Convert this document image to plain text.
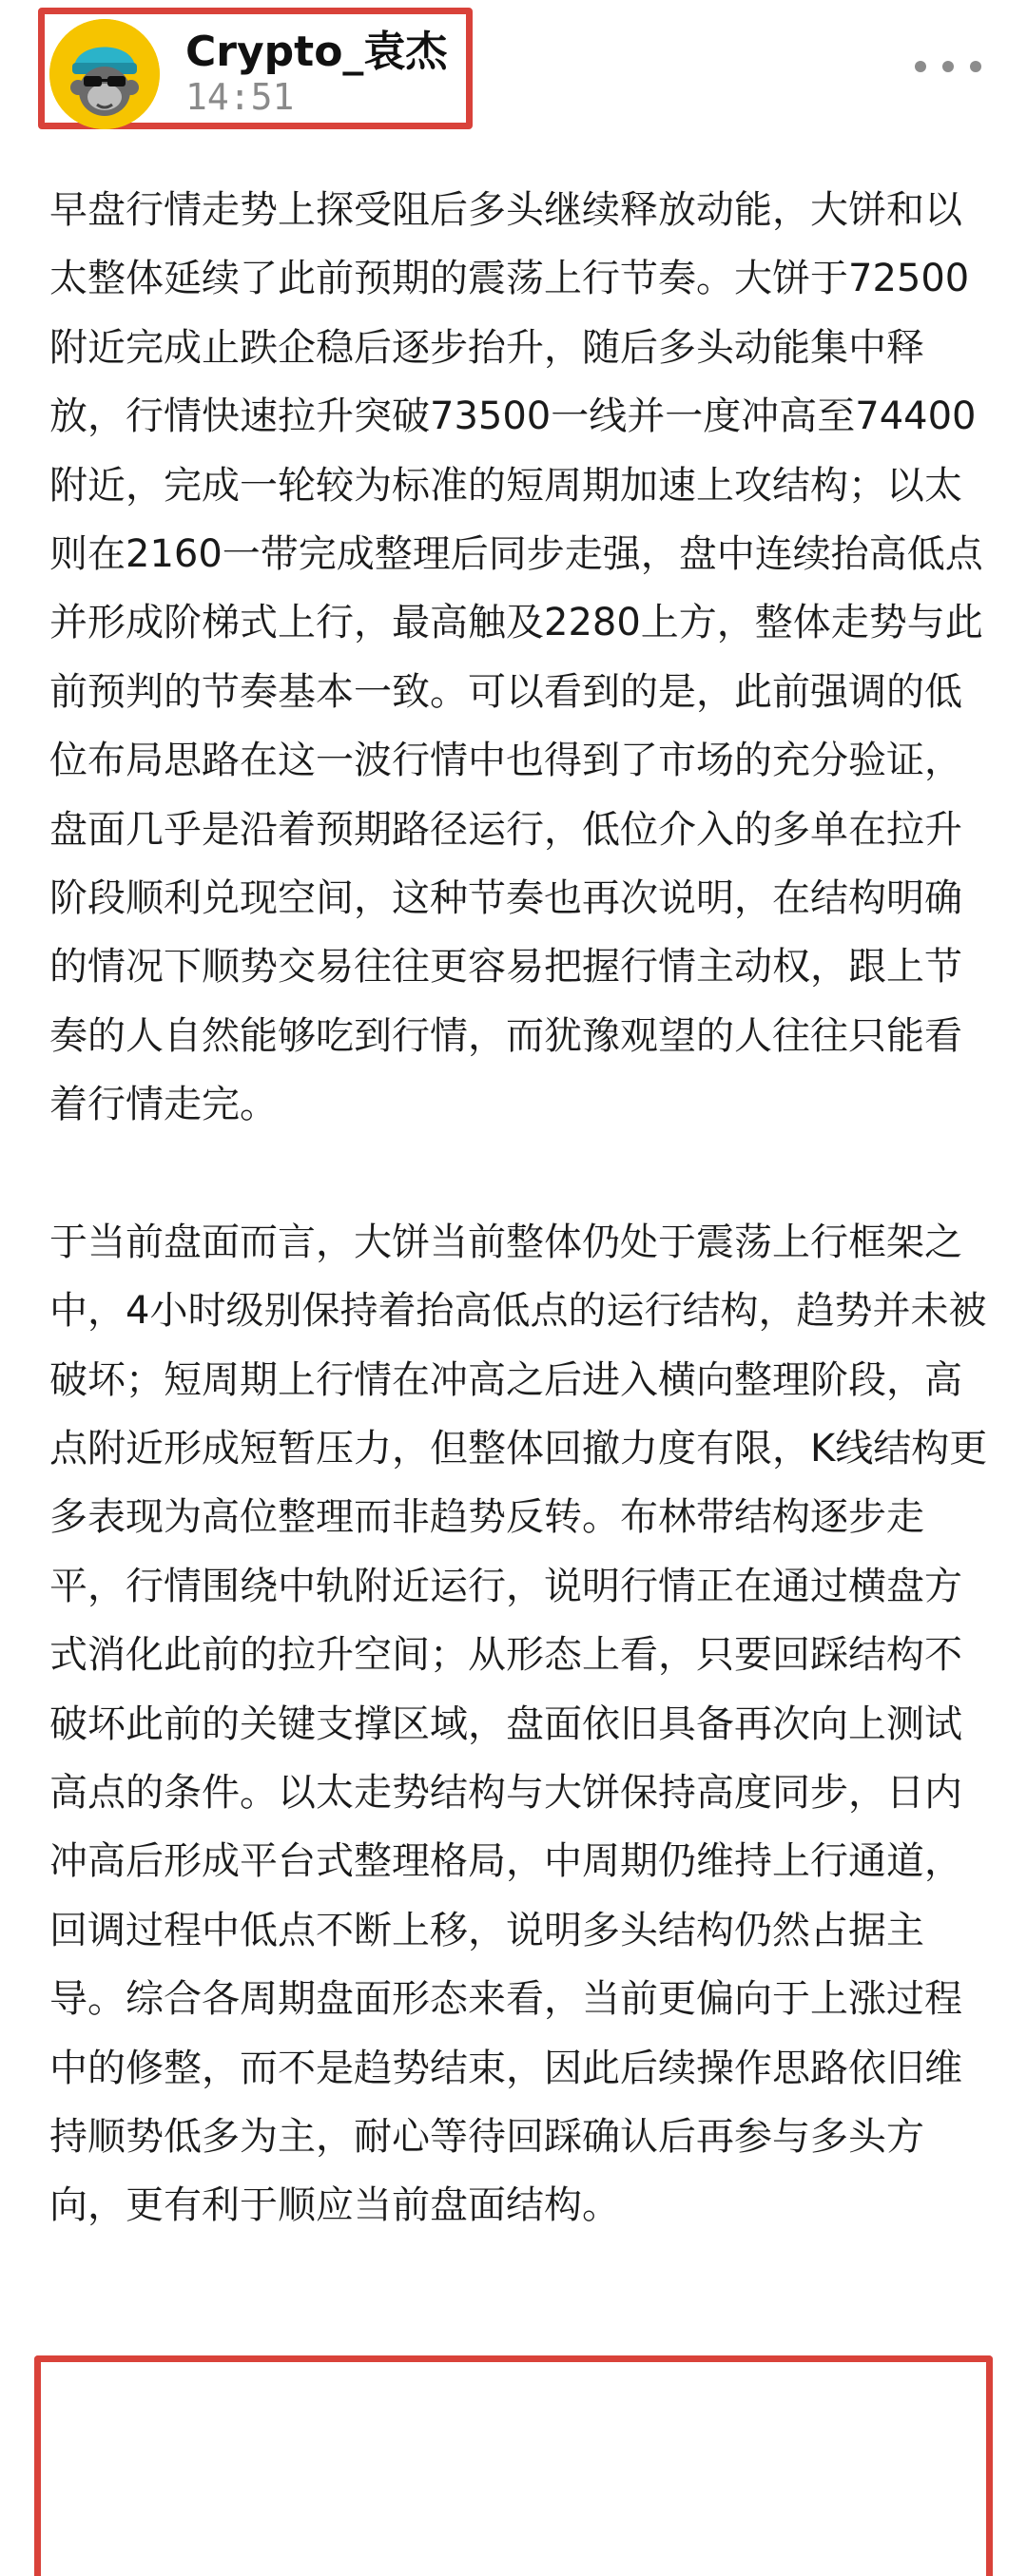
Crypto_袁杰
14:51

早盘行情走势上探受阻后多头继续释放动能，大饼和以太整体延续了此前预期的震荡上行节奏。大饼于72500附近完成止跌企稳后逐步抬升，随后多头动能集中释放，行情快速拉升突破73500一线并一度冲高至74400附近，完成一轮较为标准的短周期加速上攻结构；以太则在2160一带完成整理后同步走强，盘中连续抬高低点并形成阶梯式上行，最高触及2280上方，整体走势与此前预判的节奏基本一致。可以看到的是，此前强调的低位布局思路在这一波行情中也得到了市场的充分验证，盘面几乎是沿着预期路径运行，低位介入的多单在拉升阶段顺利兑现空间，这种节奏也再次说明，在结构明确的情况下顺势交易往往更容易把握行情主动权，跟上节奏的人自然能够吃到行情，而犹豫观望的人往往只能看着行情走完。

于当前盘面而言，大饼当前整体仍处于震荡上行框架之中，4小时级别保持着抬高低点的运行结构，趋势并未被破坏；短周期上行情在冲高之后进入横向整理阶段，高点附近形成短暂压力，但整体回撤力度有限，K线结构更多表现为高位整理而非趋势反转。布林带结构逐步走平，行情围绕中轨附近运行，说明行情正在通过横盘方式消化此前的拉升空间；从形态上看，只要回踩结构不破坏此前的关键支撑区域，盘面依旧具备再次向上测试高点的条件。以太走势结构与大饼保持高度同步，日内冲高后形成平台式整理格局，中周期仍维持上行通道，回调过程中低点不断上移，说明多头结构仍然占据主导。综合各周期盘面形态来看，当前更偏向于上涨过程中的修整，而不是趋势结束，因此后续操作思路依旧维持顺势低多为主，耐心等待回踩确认后再参与多头方向，更有利于顺应当前盘面结构。
